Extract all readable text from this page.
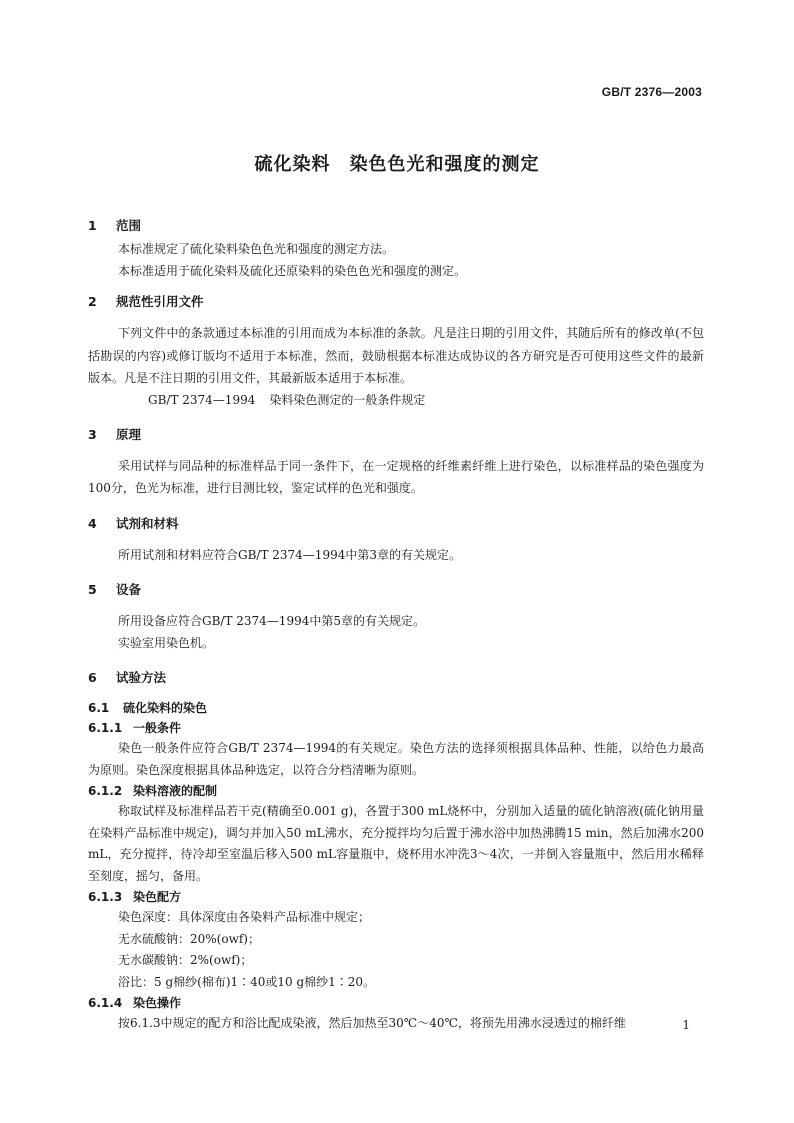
GB/T 2376—2003
硫化染料　染色色光和强度的测定
1 范围

本标准规定了硫化染料染色色光和强度的测定方法。

本标准适用于硫化染料及硫化还原染料的染色色光和强度的测定。

2 规范性引用文件

下列文件中的条款通过本标准的引用而成为本标准的条款。凡是注日期的引用文件，其随后所有的修改单(不包括勘误的内容)或修订版均不适用于本标准，然而，鼓励根据本标准达成协议的各方研究是否可使用这些文件的最新版本。凡是不注日期的引用文件，其最新版本适用于本标准。

GB/T 2374—1994 染料染色测定的一般条件规定

3 原理

采用试样与同品种的标准样品于同一条件下，在一定规格的纤维素纤维上进行染色，以标准样品的染色强度为100分，色光为标准，进行目测比较，鉴定试样的色光和强度。

4 试剂和材料

所用试剂和材料应符合GB/T 2374—1994中第3章的有关规定。

5 设备

所用设备应符合GB/T 2374—1994中第5章的有关规定。

实验室用染色机。

6 试验方法
6.1 硫化染料的染色
6.1.1 一般条件

染色一般条件应符合GB/T 2374—1994的有关规定。染色方法的选择须根据具体品种、性能，以给色力最高为原则。染色深度根据具体品种选定，以符合分档清晰为原则。

6.1.2 染料溶液的配制

称取试样及标准样品若干克(精确至0.001 g)，各置于300 mL烧杯中，分别加入适量的硫化钠溶液(硫化钠用量在染料产品标准中规定)，调匀并加入50 mL沸水，充分搅拌均匀后置于沸水浴中加热沸腾15 min，然后加沸水200 mL，充分搅拌，待冷却至室温后移入500 mL容量瓶中，烧杯用水冲洗3～4次，一并倒入容量瓶中，然后用水稀释至刻度，摇匀，备用。

6.1.3 染色配方

染色深度：具体深度由各染料产品标准中规定；

无水硫酸钠：20%(owf)；

无水碳酸钠：2%(owf)；

浴比：5 g棉纱(棉布)1∶40或10 g棉纱1∶20。

6.1.4 染色操作

按6.1.3中规定的配方和浴比配成染液，然后加热至30℃～40℃，将预先用沸水浸透过的棉纤维	1
